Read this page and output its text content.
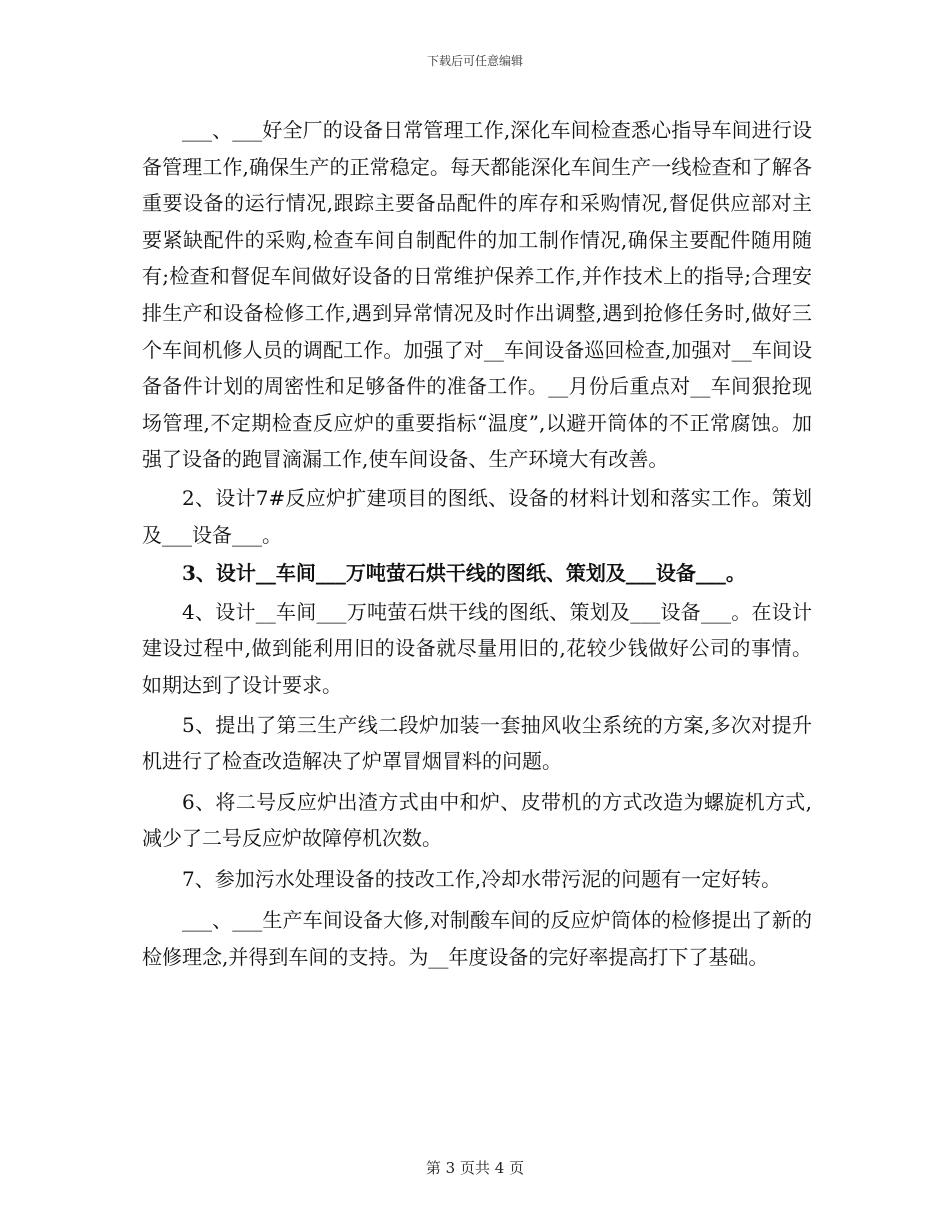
下载后可任意编辑

___、___好全厂的设备日常管理工作,深化车间检查悉心指导车间进行设备管理工作,确保生产的正常稳定。每天都能深化车间生产一线检查和了解各重要设备的运行情况,跟踪主要备品配件的库存和采购情况,督促供应部对主要紧缺配件的采购,检查车间自制配件的加工制作情况,确保主要配件随用随有;检查和督促车间做好设备的日常维护保养工作,并作技术上的指导;合理安排生产和设备检修工作,遇到异常情况及时作出调整,遇到抢修任务时,做好三个车间机修人员的调配工作。加强了对__车间设备巡回检查,加强对__车间设备备件计划的周密性和足够备件的准备工作。__月份后重点对__车间狠抢现场管理,不定期检查反应炉的重要指标“温度”,以避开筒体的不正常腐蚀。加强了设备的跑冒滴漏工作,使车间设备、生产环境大有改善。

2、设计7#反应炉扩建项目的图纸、设备的材料计划和落实工作。策划及___设备___。

3、设计__车间___万吨萤石烘干线的图纸、策划及___设备___。

4、设计__车间___万吨萤石烘干线的图纸、策划及___设备___。在设计建设过程中,做到能利用旧的设备就尽量用旧的,花较少钱做好公司的事情。如期达到了设计要求。

5、提出了第三生产线二段炉加装一套抽风收尘系统的方案,多次对提升机进行了检查改造解决了炉罩冒烟冒料的问题。

6、将二号反应炉出渣方式由中和炉、皮带机的方式改造为螺旋机方式,减少了二号反应炉故障停机次数。

7、参加污水处理设备的技改工作,冷却水带污泥的问题有一定好转。

___、___生产车间设备大修,对制酸车间的反应炉筒体的检修提出了新的检修理念,并得到车间的支持。为__年度设备的完好率提高打下了基础。

第 3 页共 4 页
